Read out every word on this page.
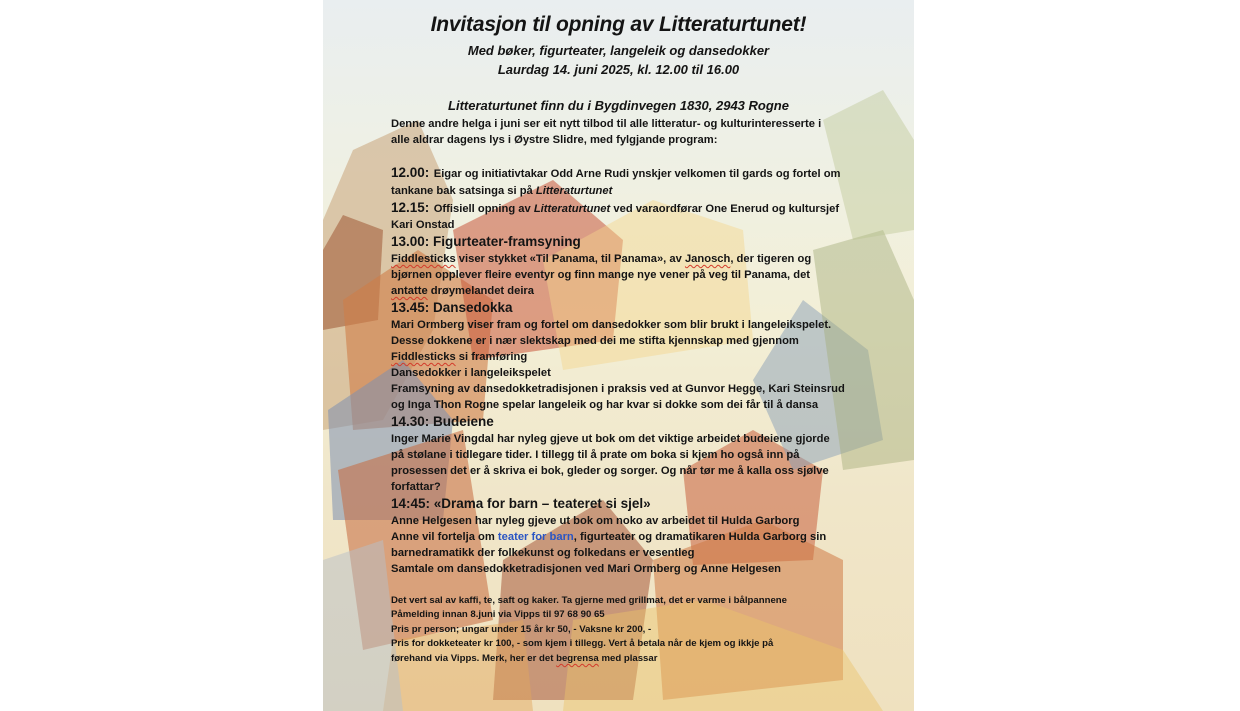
Invitasjon til opning av Litteraturtunet!
Med bøker, figurteater, langeleik og dansedokker
Laurdag 14. juni 2025, kl. 12.00 til 16.00
Litteraturtunet finn du i Bygdinvegen 1830, 2943 Rogne
Denne andre helga i juni ser eit nytt tilbod til alle litteratur- og kulturinteresserte i
alle aldrar dagens lys i Øystre Slidre, med fylgjande program:
12.00: Eigar og initiativtakar Odd Arne Rudi ynskjer velkomen til gards og fortel om
tankane bak satsinga si på Litteraturtunet
12.15: Offisiell opning av Litteraturtunet ved varaordførar One Enerud og kultursjef
Kari Onstad
13.00: Figurteater-framsyning
Fiddlesticks viser stykket «Til Panama, til Panama», av Janosch, der tigeren og
bjørnen opplever fleire eventyr og finn mange nye vener på veg til Panama, det
antatte drøymelandet deira
13.45: Dansedokka
Mari Ormberg viser fram og fortel om dansedokker som blir brukt i langeleikspelet.
Desse dokkene er i nær slektskap med dei me stifta kjennskap med gjennom
Fiddlesticks si framføring
Dansedokker i langeleikspelet
Framsyning av dansedokketradisjonen i praksis ved at Gunvor Hegge, Kari Steinsrud
og Inga Thon Rogne spelar langeleik og har kvar si dokke som dei får til å dansa
14.30: Budeiene
Inger Marie Vingdal har nyleg gjeve ut bok om det viktige arbeidet budeiene gjorde
på stølane i tidlegare tider. I tillegg til å prate om boka si kjem ho også inn på
prosessen det er å skriva ei bok, gleder og sorger. Og når tør me å kalla oss sjølve
forfattar?
14:45: «Drama for barn – teateret si sjel»
Anne Helgesen har nyleg gjeve ut bok om noko av arbeidet til Hulda Garborg
Anne vil fortelja om teater for barn, figurteater og dramatikaren Hulda Garborg sin
barnedramatikk der folkekunst og folkedans er vesentleg
Samtale om dansedokketradisjonen ved Mari Ormberg og Anne Helgesen
Det vert sal av kaffi, te, saft og kaker. Ta gjerne med grillmat, det er varme i bålpannene
Påmelding innan 8.juni via Vipps til 97 68 90 65
Pris pr person; ungar under 15 år kr 50, - Vaksne kr 200, -
Pris for dokketeater kr 100, - som kjem i tillegg. Vert å betala når de kjem og ikkje på
førehand via Vipps. Merk, her er det begrensa med plassar
